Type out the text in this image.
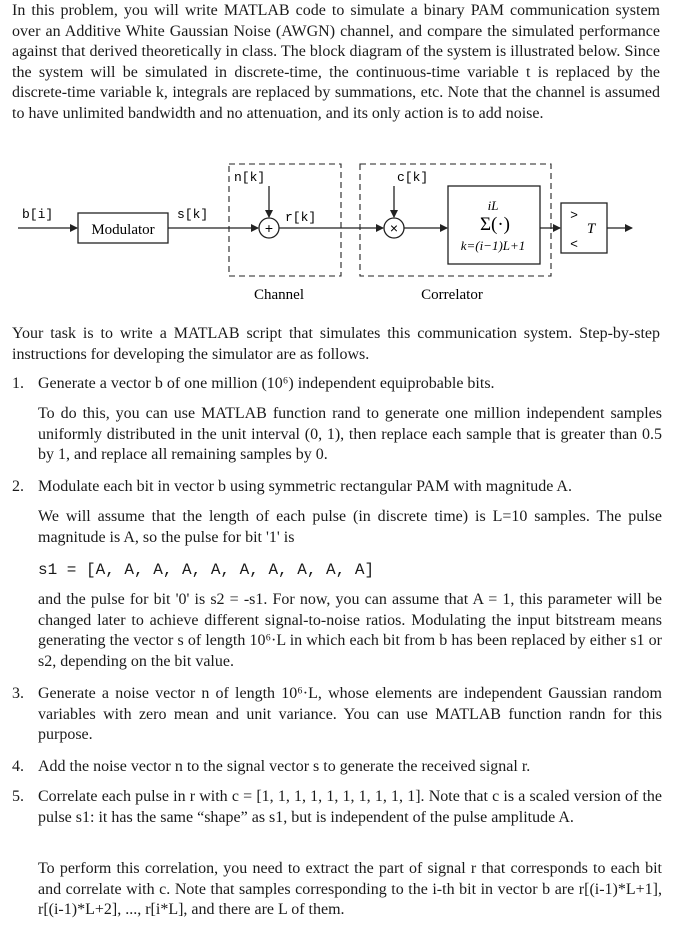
In this problem, you will write MATLAB code to simulate a binary PAM communication system over an Additive White Gaussian Noise (AWGN) channel, and compare the simulated performance against that derived theoretically in class. The block diagram of the system is illustrated below. Since the system will be simulated in discrete-time, the continuous-time variable t is replaced by the discrete-time variable k, integrals are replaced by summations, etc. Note that the channel is assumed to have unlimited bandwidth and no attenuation, and its only action is to add noise.
b[i]
Modulator
s[k]
n[k]
+
r[k]
c[k]
×
iL
Σ(·)
k=(i−1)L+1
>
T
<
Channel	Correlator
Your task is to write a MATLAB script that simulates this communication system. Step-by-step instructions for developing the simulator are as follows.
1. Generate a vector b of one million (10⁶) independent equiprobable bits.
To do this, you can use MATLAB function rand to generate one million independent samples uniformly distributed in the unit interval (0, 1), then replace each sample that is greater than 0.5 by 1, and replace all remaining samples by 0.
2. Modulate each bit in vector b using symmetric rectangular PAM with magnitude A.
We will assume that the length of each pulse (in discrete time) is L=10 samples. The pulse magnitude is A, so the pulse for bit '1' is
s1 = [A, A, A, A, A, A, A, A, A, A]
and the pulse for bit '0' is s2 = -s1. For now, you can assume that A = 1, this parameter will be changed later to achieve different signal-to-noise ratios. Modulating the input bitstream means generating the vector s of length 10⁶·L in which each bit from b has been replaced by either s1 or s2, depending on the bit value.
3. Generate a noise vector n of length 10⁶·L, whose elements are independent Gaussian random variables with zero mean and unit variance. You can use MATLAB function randn for this purpose.
4. Add the noise vector n to the signal vector s to generate the received signal r.
5. Correlate each pulse in r with c = [1, 1, 1, 1, 1, 1, 1, 1, 1, 1]. Note that c is a scaled version of the pulse s1: it has the same “shape” as s1, but is independent of the pulse amplitude A.
To perform this correlation, you need to extract the part of signal r that corresponds to each bit and correlate with c. Note that samples corresponding to the i-th bit in vector b are r[(i-1)*L+1], r[(i-1)*L+2], ..., r[i*L], and there are L of them.
